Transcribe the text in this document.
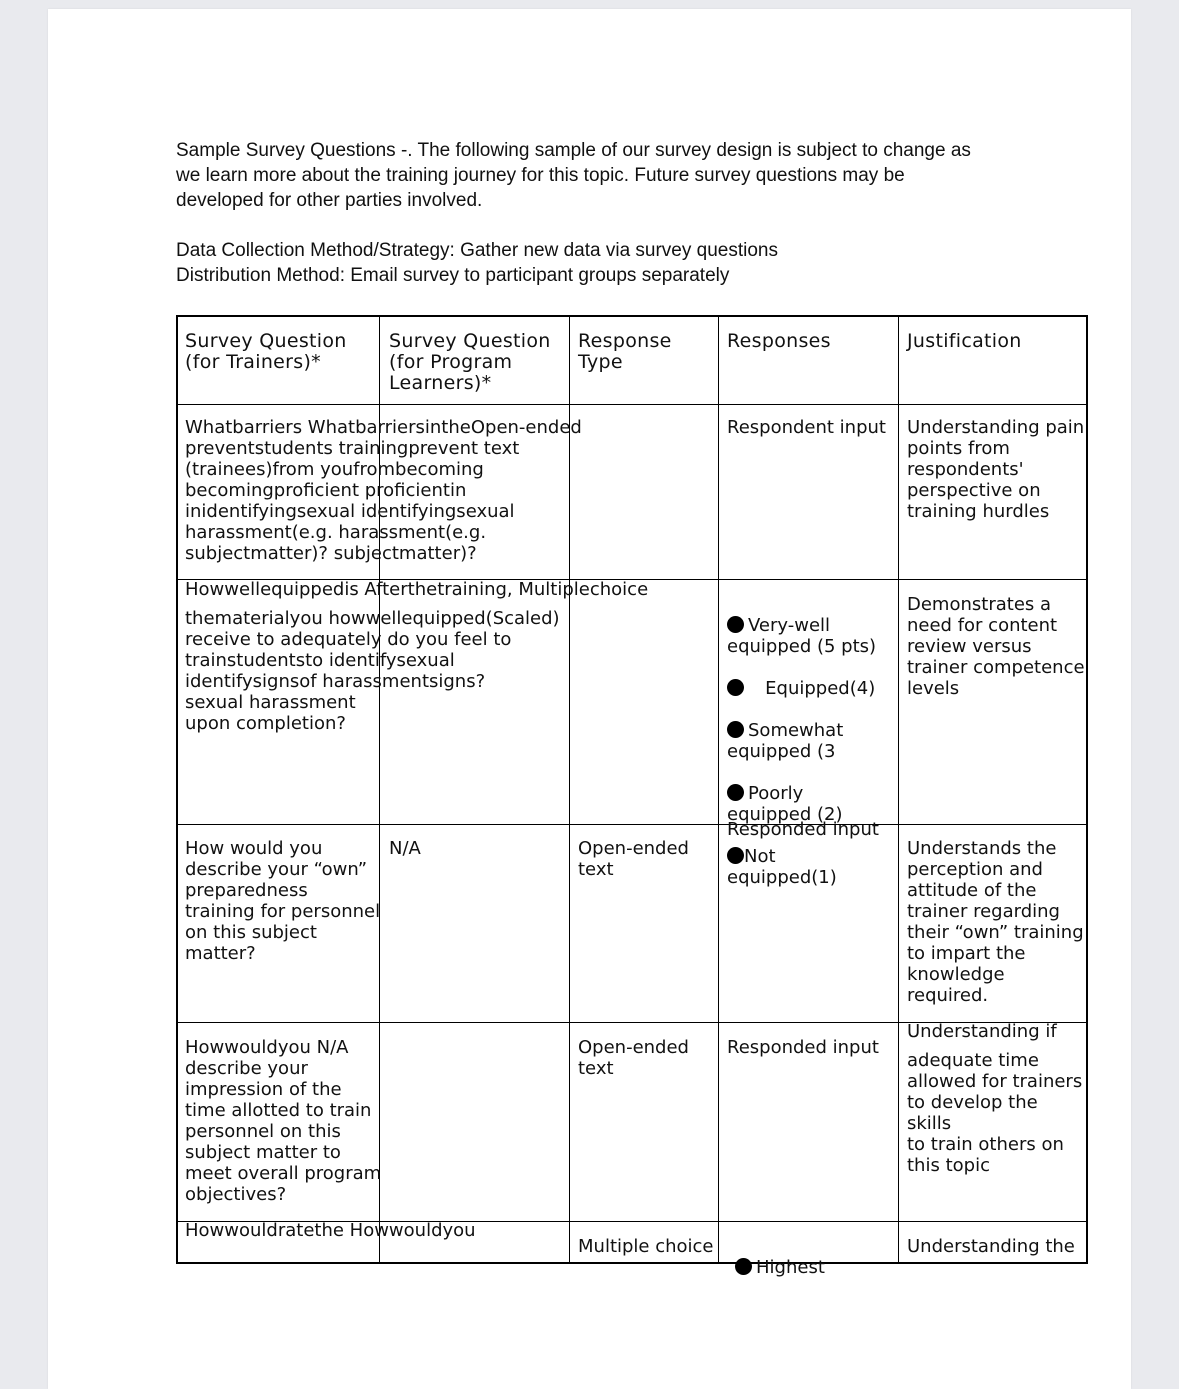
Sample Survey Questions -. The following sample of our survey design is subject to change as we learn more about the training journey for this topic. Future survey questions may be developed for other parties involved.

Data Collection Method/Strategy: Gather new data via survey questions

Distribution Method: Email survey to participant groups separately

Survey Question
(for Trainers)*
Survey Question
(for Program
Learners)*
Response
Type
Responses	Justification
Whatbarriers WhatbarriersintheOpen-ended
preventstudents trainingprevent text
(trainees)from youfrombecoming
becomingproficient proficientin
inidentifyingsexual identifyingsexual
harassment(e.g. harassment(e.g.
subjectmatter)? subjectmatter)?
Respondent input Understanding pain
points from
respondents'
perspective on
training hurdles
Howwellequippedis Afterthetraining, Multiplechoice
thematerialyou howwellequipped(Scaled)
receive to adequately do you feel to
trainstudentsto identifysexual
identifysignsof harassmentsigns?
sexual harassment
upon completion?

Very-well equipped (5 pts)

Equipped(4)

Somewhat equipped (3

Poorly equipped (2)

Not equipped(1)

Demonstrates a
need for content
review versus
trainer competence
levels
How would you
describe your “own”
preparedness
training for personnel
on this subject
matter?
N/A	Open-ended
text
Responded input
Understands the
perception and
attitude of the
trainer regarding
their “own” training
to impart the
knowledge
required.
Howwouldyou N/A
describe your
impression of the
time allotted to train
personnel on this
subject matter to
meet overall program
objectives?
Open-ended
text
Responded input
Understanding if
adequate time
allowed for trainers
to develop the skills
to train others on
this topic
Howwouldratethe Howwouldyou
Multiple choice

Highest

Understanding the
